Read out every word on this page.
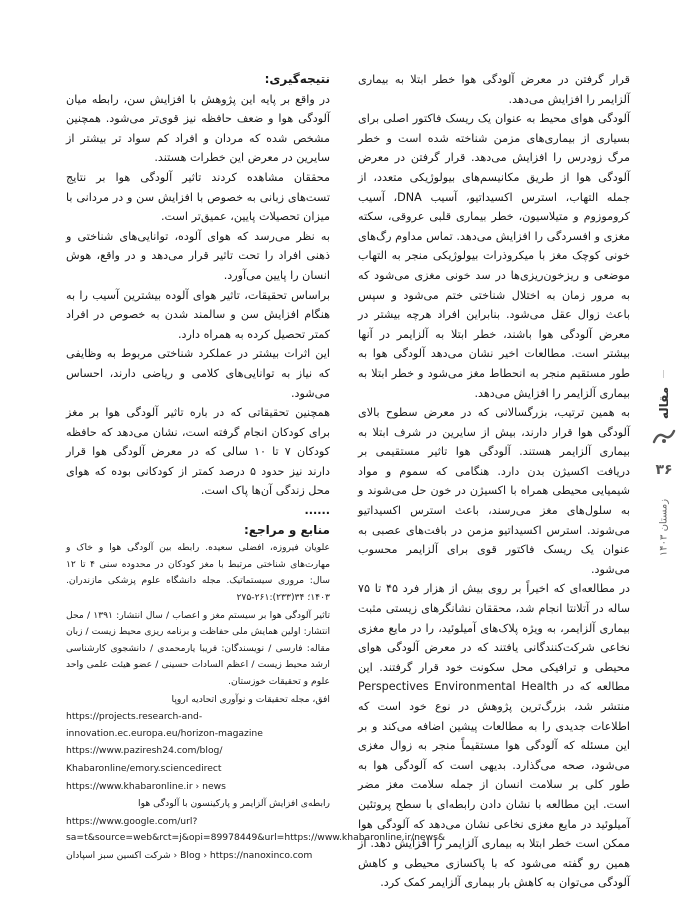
قرار گرفتن در معرض آلودگی هوا خطر ابتلا به بیماری آلزایمر را افزایش می‌دهد.

آلودگی هوای محیط به عنوان یک ریسک فاکتور اصلی برای بسیاری از بیماری‌های مزمن شناخته شده است و خطر مرگ زودرس را افزایش می‌دهد. قرار گرفتن در معرض آلودگی هوا از طریق مکانیسم‌های بیولوژیکی متعدد، از جمله التهاب، استرس اکسیداتیو، آسیب DNA، آسیب کروموزوم و متیلاسیون، خطر بیماری قلبی عروقی، سکته مغزی و افسردگی را افزایش می‌دهد. تماس مداوم رگ‌های خونی کوچک مغز با میکروذرات بیولوژیکی منجر به التهاب موضعی و ریزخون‌ریزی‌ها در سد خونی مغزی می‌شود که به مرور زمان به اختلال شناختی ختم می‌شود و سپس باعث زوال عقل می‌شود. بنابراین افراد هرچه بیشتر در معرض آلودگی هوا باشند، خطر ابتلا به آلزایمر در آنها بیشتر است. مطالعات اخیر نشان می‌دهد آلودگی هوا به طور مستقیم منجر به انحطاط مغز می‌شود و خطر ابتلا به بیماری آلزایمر را افزایش می‌دهد.

به همین ترتیب، بزرگسالانی که در معرض سطوح بالای آلودگی هوا قرار دارند، بیش از سایرین در شرف ابتلا به بیماری آلزایمر هستند. آلودگی هوا تاثیر مستقیمی بر دریافت اکسیژن بدن دارد. هنگامی که سموم و مواد شیمیایی محیطی همراه با اکسیژن در خون حل می‌شوند و به سلول‌های مغز می‌رسند، باعث استرس اکسیداتیو می‌شوند. استرس اکسیداتیو مزمن در بافت‌های عصبی به عنوان یک ریسک فاکتور قوی برای آلزایمر محسوب می‌شود.

در مطالعه‌ای که اخیراً بر روی بیش از هزار فرد ۴۵ تا ۷۵ ساله در آتلانتا انجام شد، محققان نشانگرهای زیستی مثبت بیماری آلزایمر، به ویژه پلاک‌های آمیلوئید، را در مایع مغزی نخاعی شرکت‌کنندگانی یافتند که در معرض آلودگی هوای محیطی و ترافیکی محل سکونت خود قرار گرفتند. این مطالعه که در Perspectives Environmental Health منتشر شد، بزرگ‌ترین پژوهش در نوع خود است که اطلاعات جدیدی را به مطالعات پیشین اضافه می‌کند و بر این مسئله که آلودگی هوا مستقیماً منجر به زوال مغزی می‌شود، صحه می‌گذارد. بدیهی است که آلودگی هوا به طور کلی بر سلامت انسان از جمله سلامت مغز مضر است. این مطالعه با نشان دادن رابطه‌ای با سطح پروتئین آمیلوئید در مایع مغزی نخاعی نشان می‌دهد که آلودگی هوا ممکن است خطر ابتلا به بیماری آلزایمر را افزایش دهد. از همین رو گفته می‌شود که با پاکسازی محیطی و کاهش آلودگی می‌توان به کاهش بار بیماری آلزایمر کمک کرد.

نتیجه‌گیری:

در واقع بر پایه این پژوهش با افزایش سن، رابطه میان آلودگی هوا و ضعف حافظه نیز قوی‌تر می‌شود. همچنین مشخص شده که مردان و افراد کم سواد تر بیشتر از سایرین در معرض این خطرات هستند.

محققان مشاهده کردند تاثیر آلودگی هوا بر نتایج تست‌های زبانی به خصوص با افزایش سن و در مردانی با میزان تحصیلات پایین، عمیق‌تر است.

به نظر می‌رسد که هوای آلوده، توانایی‌های شناختی و ذهنی افراد را تحت تاثیر قرار می‌دهد و در واقع، هوش انسان را پایین می‌آورد.

براساس تحقیقات، تاثیر هوای آلوده بیشترین آسیب را به هنگام افزایش سن و سالمند شدن به خصوص در افراد کمتر تحصیل کرده به همراه دارد.

این اثرات بیشتر در عملکرد شناختی مربوط به وظایفی که نیاز به توانایی‌های کلامی و ریاضی دارند، احساس می‌شود.

همچنین تحقیقاتی که در باره تاثیر آلودگی هوا بر مغز برای کودکان انجام گرفته است، نشان می‌دهد که حافظه کودکان ۷ تا ۱۰ سالی که در معرض آلودگی هوا قرار دارند نیز حدود ۵ درصد کمتر از کودکانی بوده که هوای محل زندگی آن‌ها پاک است.

......

منابع و مراجع:

علویان فیروزه، افضلی سعیده. رابطه بین آلودگی هوا و خاک و مهارت‌های شناختی مرتبط با مغز کودکان در محدوده سنی ۴ تا ۱۲ سال: مروری سیستماتیک. مجله دانشگاه علوم پزشکی مازندران. ۱۴۰۳؛ ۳۴(۲۳۳):۲۶۱-۲۷۵

تاثیر آلودگی هوا بر سیستم مغز و اعصاب / سال انتشار: ۱۳۹۱ / محل انتشار: اولین همایش ملی حفاظت و برنامه ریزی محیط زیست / زبان مقاله: فارسی / نویسندگان: فریبا یارمحمدی / دانشجوی کارشناسی ارشد محیط زیست / اعظم السادات حسینی / عضو هیئت علمی واحد علوم و تحقیقات خوزستان.

افق، مجله تحقیقات و نوآوری اتحادیه اروپا

https://projects.research-and-innovation.ec.europa.eu/horizon-magazine

https://www.paziresh24.com/blog/

Khabaronline/emory.sciencedirect

https://www.khabaronline.ir › news

رابطه‌ی افزایش آلزایمر و پارکینسون با آلودگی هوا

https://www.google.com/url?sa=t&source=web&rct=j&opi=89978449&url=https://www.khabaronline.ir/news&

شرکت اکسین سبز اسپادان › Blog › https://nanoxinco.com

مقاله
۳۶
زمستان ۱۴۰۳
